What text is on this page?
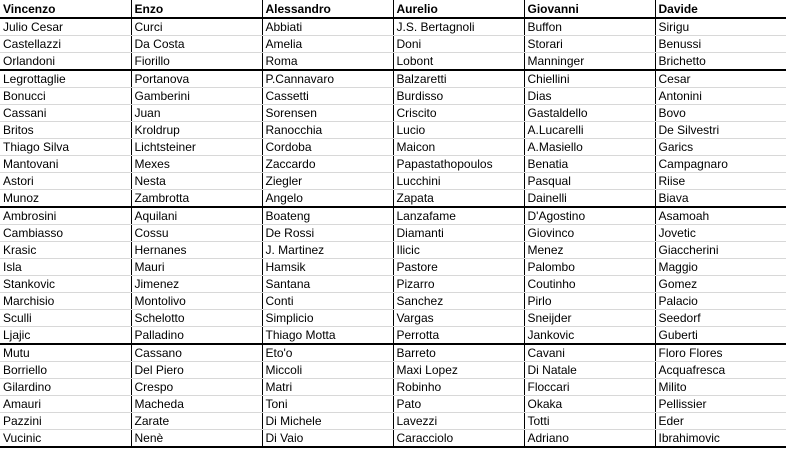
Vincenzo	Enzo	Alessandro	Aurelio	Giovanni	Davide
Julio Cesar	Curci	Abbiati	J.S. Bertagnoli	Buffon	Sirigu
Castellazzi	Da Costa	Amelia	Doni	Storari	Benussi
Orlandoni	Fiorillo	Roma	Lobont	Manninger	Brichetto
Legrottaglie	Portanova	P.Cannavaro	Balzaretti	Chiellini	Cesar
Bonucci	Gamberini	Cassetti	Burdisso	Dias	Antonini
Cassani	Juan	Sorensen	Criscito	Gastaldello	Bovo
Britos	Kroldrup	Ranocchia	Lucio	A.Lucarelli	De Silvestri
Thiago Silva	Lichtsteiner	Cordoba	Maicon	A.Masiello	Garics
Mantovani	Mexes	Zaccardo	Papastathopoulos	Benatia	Campagnaro
Astori	Nesta	Ziegler	Lucchini	Pasqual	Riise
Munoz	Zambrotta	Angelo	Zapata	Dainelli	Biava
Ambrosini	Aquilani	Boateng	Lanzafame	D'Agostino	Asamoah
Cambiasso	Cossu	De Rossi	Diamanti	Giovinco	Jovetic
Krasic	Hernanes	J. Martinez	Ilicic	Menez	Giaccherini
Isla	Mauri	Hamsik	Pastore	Palombo	Maggio
Stankovic	Jimenez	Santana	Pizarro	Coutinho	Gomez
Marchisio	Montolivo	Conti	Sanchez	Pirlo	Palacio
Sculli	Schelotto	Simplicio	Vargas	Sneijder	Seedorf
Ljajic	Palladino	Thiago Motta	Perrotta	Jankovic	Guberti
Mutu	Cassano	Eto'o	Barreto	Cavani	Floro Flores
Borriello	Del Piero	Miccoli	Maxi Lopez	Di Natale	Acquafresca
Gilardino	Crespo	Matri	Robinho	Floccari	Milito
Amauri	Macheda	Toni	Pato	Okaka	Pellissier
Pazzini	Zarate	Di Michele	Lavezzi	Totti	Eder
Vucinic	Nenè	Di Vaio	Caracciolo	Adriano	Ibrahimovic
